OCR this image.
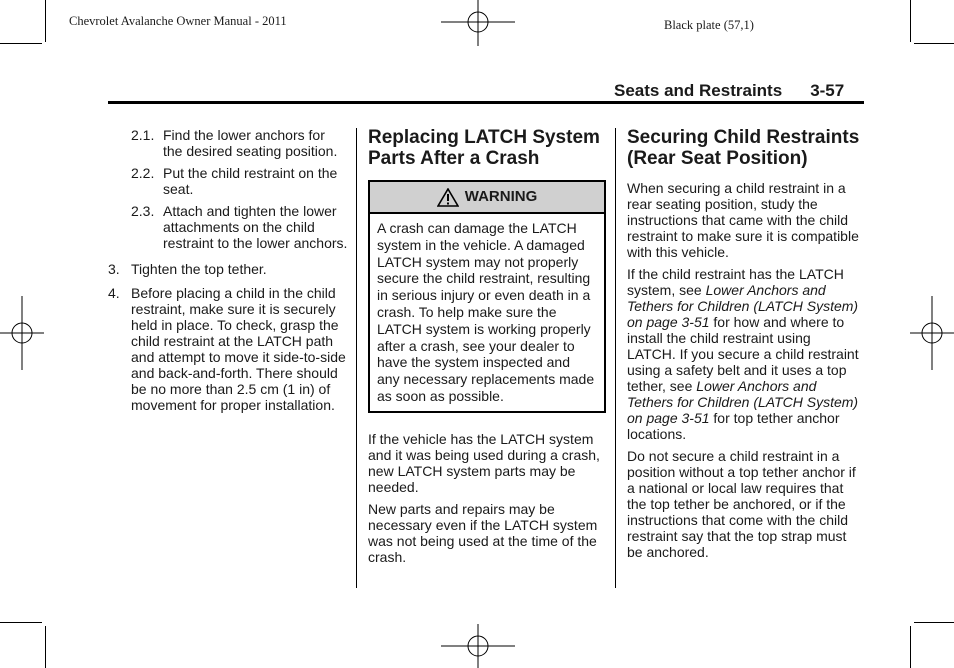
Chevrolet Avalanche Owner Manual - 2011	Black plate (57,1)
Seats and Restraints 3-57
2.1. Find the lower anchors for the desired seating position.
2.2. Put the child restraint on the seat.
2.3. Attach and tighten the lower attachments on the child restraint to the lower anchors.
3. Tighten the top tether.
4. Before placing a child in the child restraint, make sure it is securely held in place. To check, grasp the child restraint at the LATCH path and attempt to move it side-to-side and back-and-forth. There should be no more than 2.5 cm (1 in) of movement for proper installation.
Replacing LATCH System Parts After a Crash
WARNING
A crash can damage the LATCH system in the vehicle. A damaged LATCH system may not properly secure the child restraint, resulting in serious injury or even death in a crash. To help make sure the LATCH system is working properly after a crash, see your dealer to have the system inspected and any necessary replacements made as soon as possible.

If the vehicle has the LATCH system and it was being used during a crash, new LATCH system parts may be needed.

New parts and repairs may be necessary even if the LATCH system was not being used at the time of the crash.

Securing Child Restraints (Rear Seat Position)

When securing a child restraint in a rear seating position, study the instructions that came with the child restraint to make sure it is compatible with this vehicle.

If the child restraint has the LATCH system, see Lower Anchors and Tethers for Children (LATCH System) on page 3-51 for how and where to install the child restraint using LATCH. If you secure a child restraint using a safety belt and it uses a top tether, see Lower Anchors and Tethers for Children (LATCH System) on page 3-51 for top tether anchor locations.

Do not secure a child restraint in a position without a top tether anchor if a national or local law requires that the top tether be anchored, or if the instructions that come with the child restraint say that the top strap must be anchored.
